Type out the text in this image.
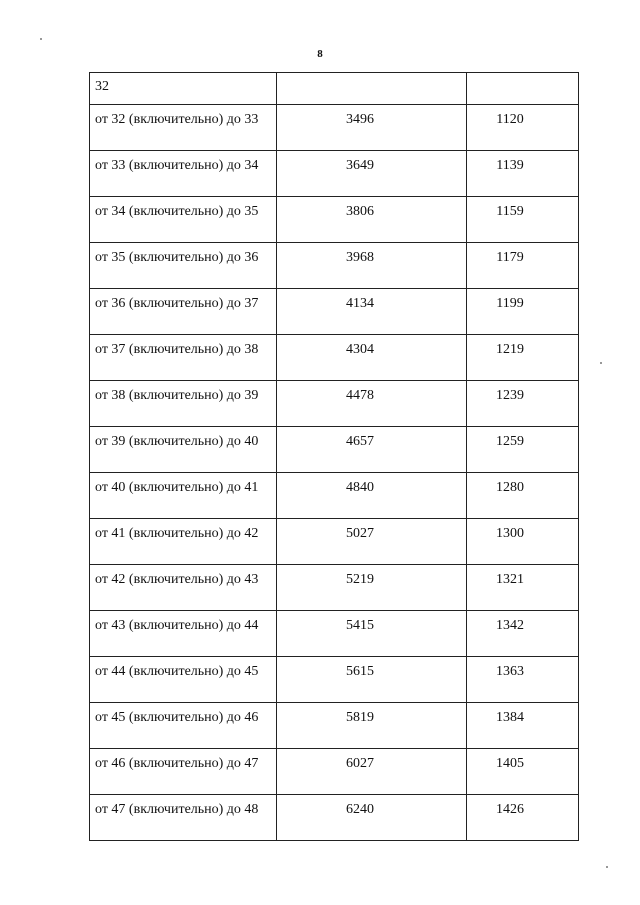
8
32		
от 32 (включительно) до 33	3496	1120
от 33 (включительно) до 34	3649	1139
от 34 (включительно) до 35	3806	1159
от 35 (включительно) до 36	3968	1179
от 36 (включительно) до 37	4134	1199
от 37 (включительно) до 38	4304	1219
от 38 (включительно) до 39	4478	1239
от 39 (включительно) до 40	4657	1259
от 40 (включительно) до 41	4840	1280
от 41 (включительно) до 42	5027	1300
от 42 (включительно) до 43	5219	1321
от 43 (включительно) до 44	5415	1342
от 44 (включительно) до 45	5615	1363
от 45 (включительно) до 46	5819	1384
от 46 (включительно) до 47	6027	1405
от 47 (включительно) до 48	6240	1426
